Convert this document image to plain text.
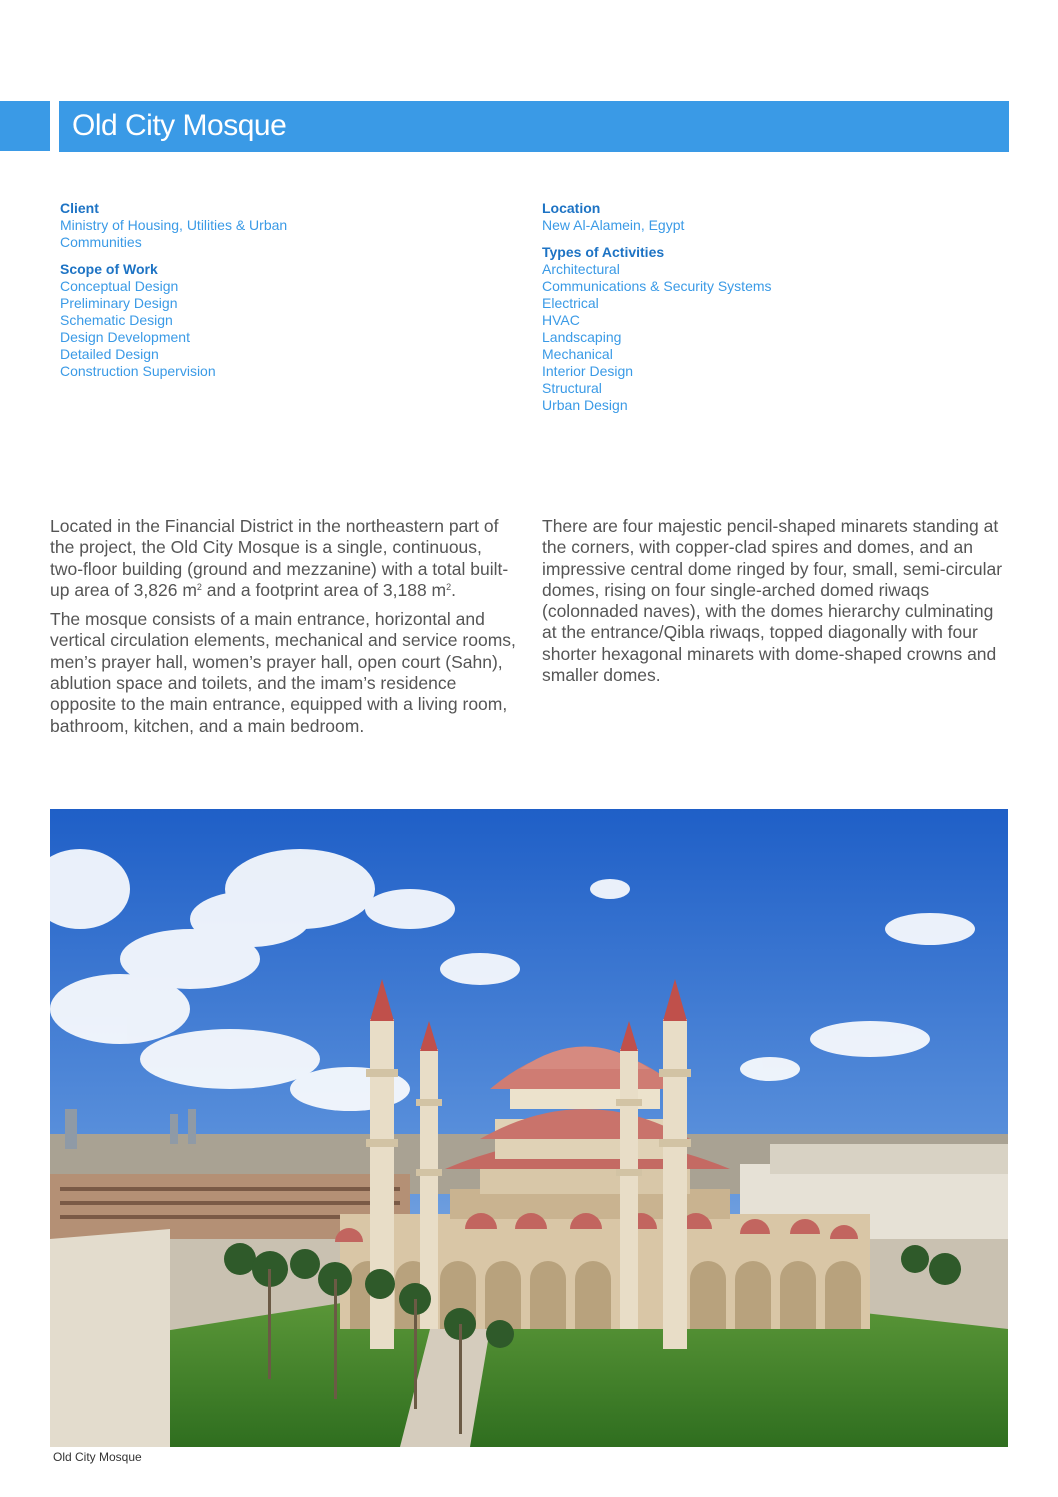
Old City Mosque
Client
Ministry of Housing, Utilities & Urban
Communities
Scope of Work
Conceptual Design
Preliminary Design
Schematic Design
Design Development
Detailed Design
Construction Supervision
Location
New Al-Alamein, Egypt
Types of Activities
Architectural
Communications & Security Systems
Electrical
HVAC
Landscaping
Mechanical
Interior Design
Structural
Urban Design

Located in the Financial District in the northeastern part of the project, the Old City Mosque is a single, continuous, two-floor building (ground and mezzanine) with a total built-up area of 3,826 $m^2$ and a footprint area of 3,188 $m^2$.

The mosque consists of a main entrance, horizontal and vertical circulation elements, mechanical and service rooms, men’s prayer hall, women’s prayer hall, open court (Sahn), ablution space and toilets, and the imam’s residence opposite to the main entrance, equipped with a living room, bathroom, kitchen, and a main bedroom.

There are four majestic pencil-shaped minarets standing at the corners, with copper-clad spires and domes, and an impressive central dome ringed by four, small, semi-circular domes, rising on four single-arched domed riwaqs (colonnaded naves), with the domes hierarchy culminating at the entrance/Qibla riwaqs, topped diagonally with four shorter hexagonal minarets with dome-shaped crowns and smaller domes.

Old City Mosque
